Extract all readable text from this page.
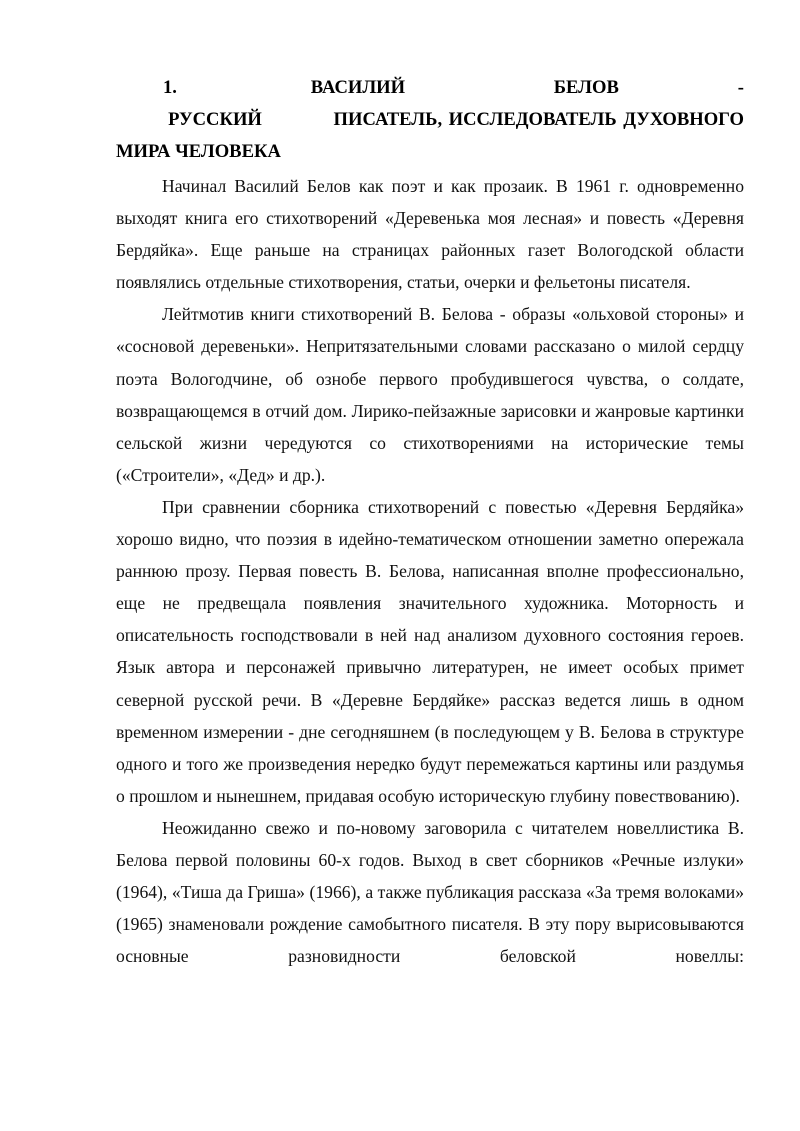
1.         ВАСИЛИЙ          БЕЛОВ        -        РУССКИЙ           ПИСАТЕЛЬ, ИССЛЕДОВАТЕЛЬ ДУХОВНОГО МИРА ЧЕЛОВЕКА

Начинал Василий Белов как поэт и как прозаик. В 1961 г. одновременно выходят книга его стихотворений «Деревенька моя лесная» и повесть «Деревня Бердяйка». Еще раньше на страницах районных газет Вологодской области появлялись отдельные стихотворения, статьи, очерки и фельетоны писателя.

Лейтмотив книги стихотворений В. Белова - образы «ольховой стороны» и «сосновой деревеньки». Непритязательными словами рассказано о милой сердцу поэта Вологодчине, об ознобе первого пробудившегося чувства, о солдате, возвращающемся в отчий дом. Лирико-пейзажные зарисовки и жанровые картинки сельской жизни чередуются со стихотворениями на исторические темы («Строители», «Дед» и др.).

При сравнении сборника стихотворений с повестью «Деревня Бердяйка» хорошо видно, что поэзия в идейно-тематическом отношении заметно опережала раннюю прозу. Первая повесть В. Белова, написанная вполне профессионально, еще не предвещала появления значительного художника. Моторность и описательность господствовали в ней над анализом духовного состояния героев. Язык автора и персонажей привычно литературен, не имеет особых примет северной русской речи. В «Деревне Бердяйке» рассказ ведется лишь в одном временном измерении - дне сегодняшнем (в последующем у В. Белова в структуре одного и того же произведения нередко будут перемежаться картины или раздумья о прошлом и нынешнем, придавая особую историческую глубину повествованию).

Неожиданно свежо и по-новому заговорила с читателем новеллистика В. Белова первой половины 60-х годов. Выход в свет сборников «Речные излуки» (1964), «Тиша да Гриша» (1966), а также публикация рассказа «За тремя волоками» (1965) знаменовали рождение самобытного писателя. В эту пору вырисовываются основные разновидности беловской новеллы:
